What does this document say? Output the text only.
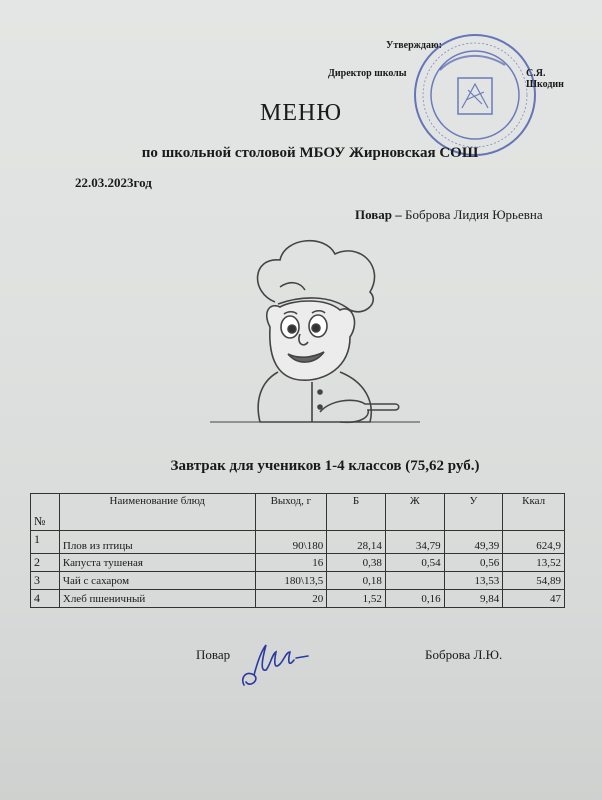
Утверждаю:
Директор школы	С.Я. Шкодин
МЕНЮ
по школьной столовой МБОУ Жирновская СОШ
22.03.2023год
Повар – Боброва Лидия Юрьевна
Завтрак для учеников 1-4 классов (75,62 руб.)
№	Наименование блюд	Выход, г	Б	Ж	У	Ккал
1	Плов из птицы	90\180	28,14	34,79	49,39	624,9
2	Капуста тушеная	16	0,38	0,54	0,56	13,52
3	Чай с сахаром	180\13,5	0,18		13,53	54,89
4	Хлеб пшеничный	20	1,52	0,16	9,84	47
Повар	Боброва Л.Ю.
